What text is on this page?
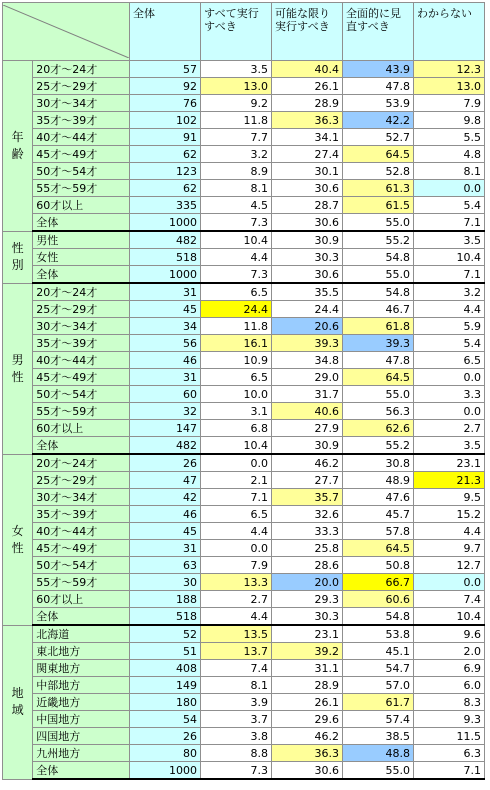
	全体	すべて実行すべき	可能な限り実行すべき	全面的に見直すべき	わからない
年齢	20才～24才	57	3.5	40.4	43.9	12.3
	25才～29才	92	13.0	26.1	47.8	13.0
	30才～34才	76	9.2	28.9	53.9	7.9
	35才～39才	102	11.8	36.3	42.2	9.8
	40才～44才	91	7.7	34.1	52.7	5.5
	45才～49才	62	3.2	27.4	64.5	4.8
	50才～54才	123	8.9	30.1	52.8	8.1
	55才～59才	62	8.1	30.6	61.3	0.0
	60才以上	335	4.5	28.7	61.5	5.4
	全体	1000	7.3	30.6	55.0	7.1
性別	男性	482	10.4	30.9	55.2	3.5
	女性	518	4.4	30.3	54.8	10.4
	全体	1000	7.3	30.6	55.0	7.1
男性	20才～24才	31	6.5	35.5	54.8	3.2
	25才～29才	45	24.4	24.4	46.7	4.4
	30才～34才	34	11.8	20.6	61.8	5.9
	35才～39才	56	16.1	39.3	39.3	5.4
	40才～44才	46	10.9	34.8	47.8	6.5
	45才～49才	31	6.5	29.0	64.5	0.0
	50才～54才	60	10.0	31.7	55.0	3.3
	55才～59才	32	3.1	40.6	56.3	0.0
	60才以上	147	6.8	27.9	62.6	2.7
	全体	482	10.4	30.9	55.2	3.5
女性	20才～24才	26	0.0	46.2	30.8	23.1
	25才～29才	47	2.1	27.7	48.9	21.3
	30才～34才	42	7.1	35.7	47.6	9.5
	35才～39才	46	6.5	32.6	45.7	15.2
	40才～44才	45	4.4	33.3	57.8	4.4
	45才～49才	31	0.0	25.8	64.5	9.7
	50才～54才	63	7.9	28.6	50.8	12.7
	55才～59才	30	13.3	20.0	66.7	0.0
	60才以上	188	2.7	29.3	60.6	7.4
	全体	518	4.4	30.3	54.8	10.4
地域	北海道	52	13.5	23.1	53.8	9.6
	東北地方	51	13.7	39.2	45.1	2.0
	関東地方	408	7.4	31.1	54.7	6.9
	中部地方	149	8.1	28.9	57.0	6.0
	近畿地方	180	3.9	26.1	61.7	8.3
	中国地方	54	3.7	29.6	57.4	9.3
	四国地方	26	3.8	46.2	38.5	11.5
	九州地方	80	8.8	36.3	48.8	6.3
	全体	1000	7.3	30.6	55.0	7.1
